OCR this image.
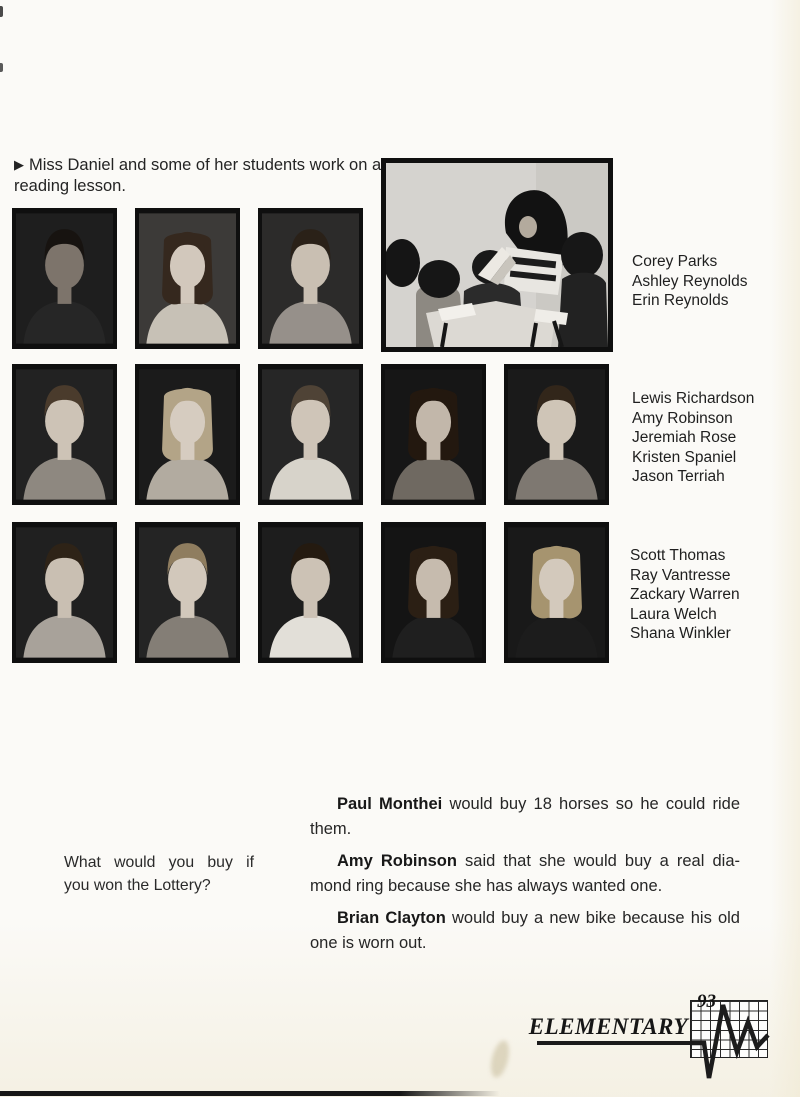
▶ Miss Daniel and some of her students work on a reading lesson.
Corey Parks
Ashley Reynolds
Erin Reynolds
Lewis Richardson
Amy Robinson
Jeremiah Rose
Kristen Spaniel
Jason Terriah
Scott Thomas
Ray Vantresse
Zackary Warren
Laura Welch
Shana Winkler
What would you buy if
you won the Lottery?
Paul Monthei would buy 18 horses so he could ride
them.
Amy Robinson said that she would buy a real dia-
mond ring because she has always wanted one.
Brian Clayton would buy a new bike because his old
one is worn out.
ELEMENTARY
93
